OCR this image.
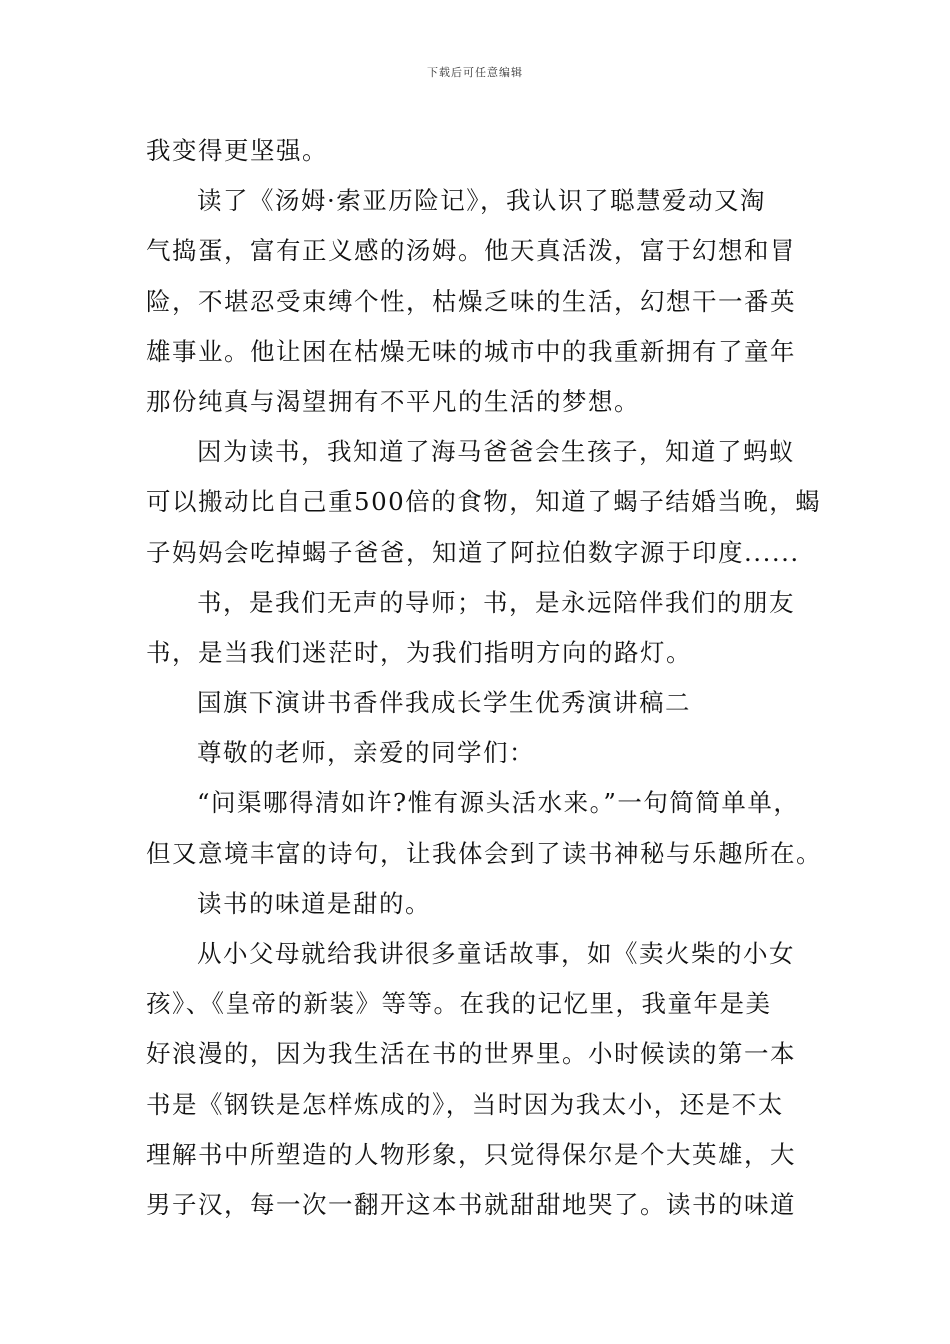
下载后可任意编辑
我变得更坚强。
读了《汤姆·索亚历险记》，我认识了聪慧爱动又淘
气捣蛋，富有正义感的汤姆。他天真活泼，富于幻想和冒
险，不堪忍受束缚个性，枯燥乏味的生活，幻想干一番英
雄事业。他让困在枯燥无味的城市中的我重新拥有了童年
那份纯真与渴望拥有不平凡的生活的梦想。
因为读书，我知道了海马爸爸会生孩子，知道了蚂蚁
可以搬动比自己重500倍的食物，知道了蝎子结婚当晚，蝎
子妈妈会吃掉蝎子爸爸，知道了阿拉伯数字源于印度......
书，是我们无声的导师；书，是永远陪伴我们的朋友
书，是当我们迷茫时，为我们指明方向的路灯。
国旗下演讲书香伴我成长学生优秀演讲稿二
尊敬的老师，亲爱的同学们：
“问渠哪得清如许?惟有源头活水来。”一句简简单单，
但又意境丰富的诗句，让我体会到了读书神秘与乐趣所在。
读书的味道是甜的。
从小父母就给我讲很多童话故事，如《卖火柴的小女
孩》、《皇帝的新装》等等。在我的记忆里，我童年是美
好浪漫的，因为我生活在书的世界里。小时候读的第一本
书是《钢铁是怎样炼成的》，当时因为我太小，还是不太
理解书中所塑造的人物形象，只觉得保尔是个大英雄，大
男子汉，每一次一翻开这本书就甜甜地哭了。读书的味道
